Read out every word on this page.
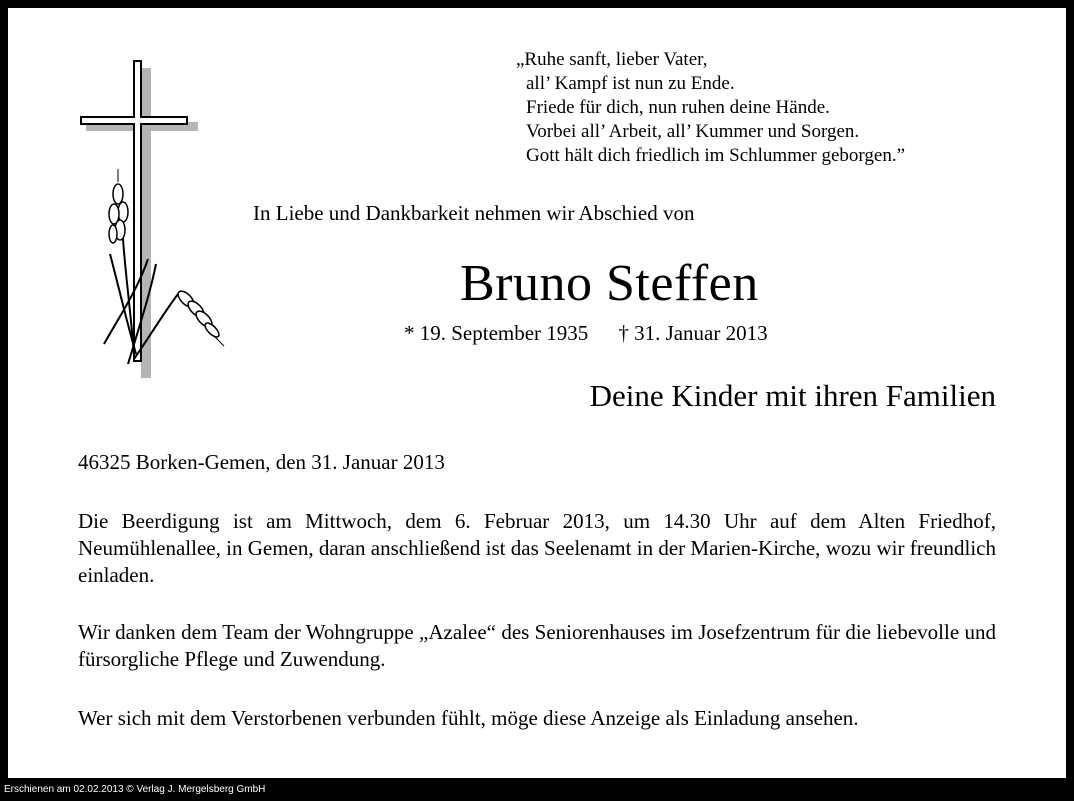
„Ruhe sanft, lieber Vater,
all’ Kampf ist nun zu Ende.
Friede für dich, nun ruhen deine Hände.
Vorbei all’ Arbeit, all’ Kummer und Sorgen.
Gott hält dich friedlich im Schlummer geborgen.”
In Liebe und Dankbarkeit nehmen wir Abschied von
Bruno Steffen
* 19. September 1935 † 31. Januar 2013
Deine Kinder mit ihren Familien
46325 Borken-Gemen, den 31. Januar 2013
Die Beerdigung ist am Mittwoch, dem 6. Februar 2013, um 14.30 Uhr auf dem Alten Friedhof, Neumühlenallee, in Gemen, daran anschließend ist das Seelenamt in der Marien-Kirche, wozu wir freundlich einladen.
Wir danken dem Team der Wohngruppe „Azalee“ des Seniorenhauses im Josefzentrum für die liebevolle und fürsorgliche Pflege und Zuwendung.
Wer sich mit dem Verstorbenen verbunden fühlt, möge diese Anzeige als Einladung ansehen.
Erschienen am 02.02.2013 © Verlag J. Mergelsberg GmbH
